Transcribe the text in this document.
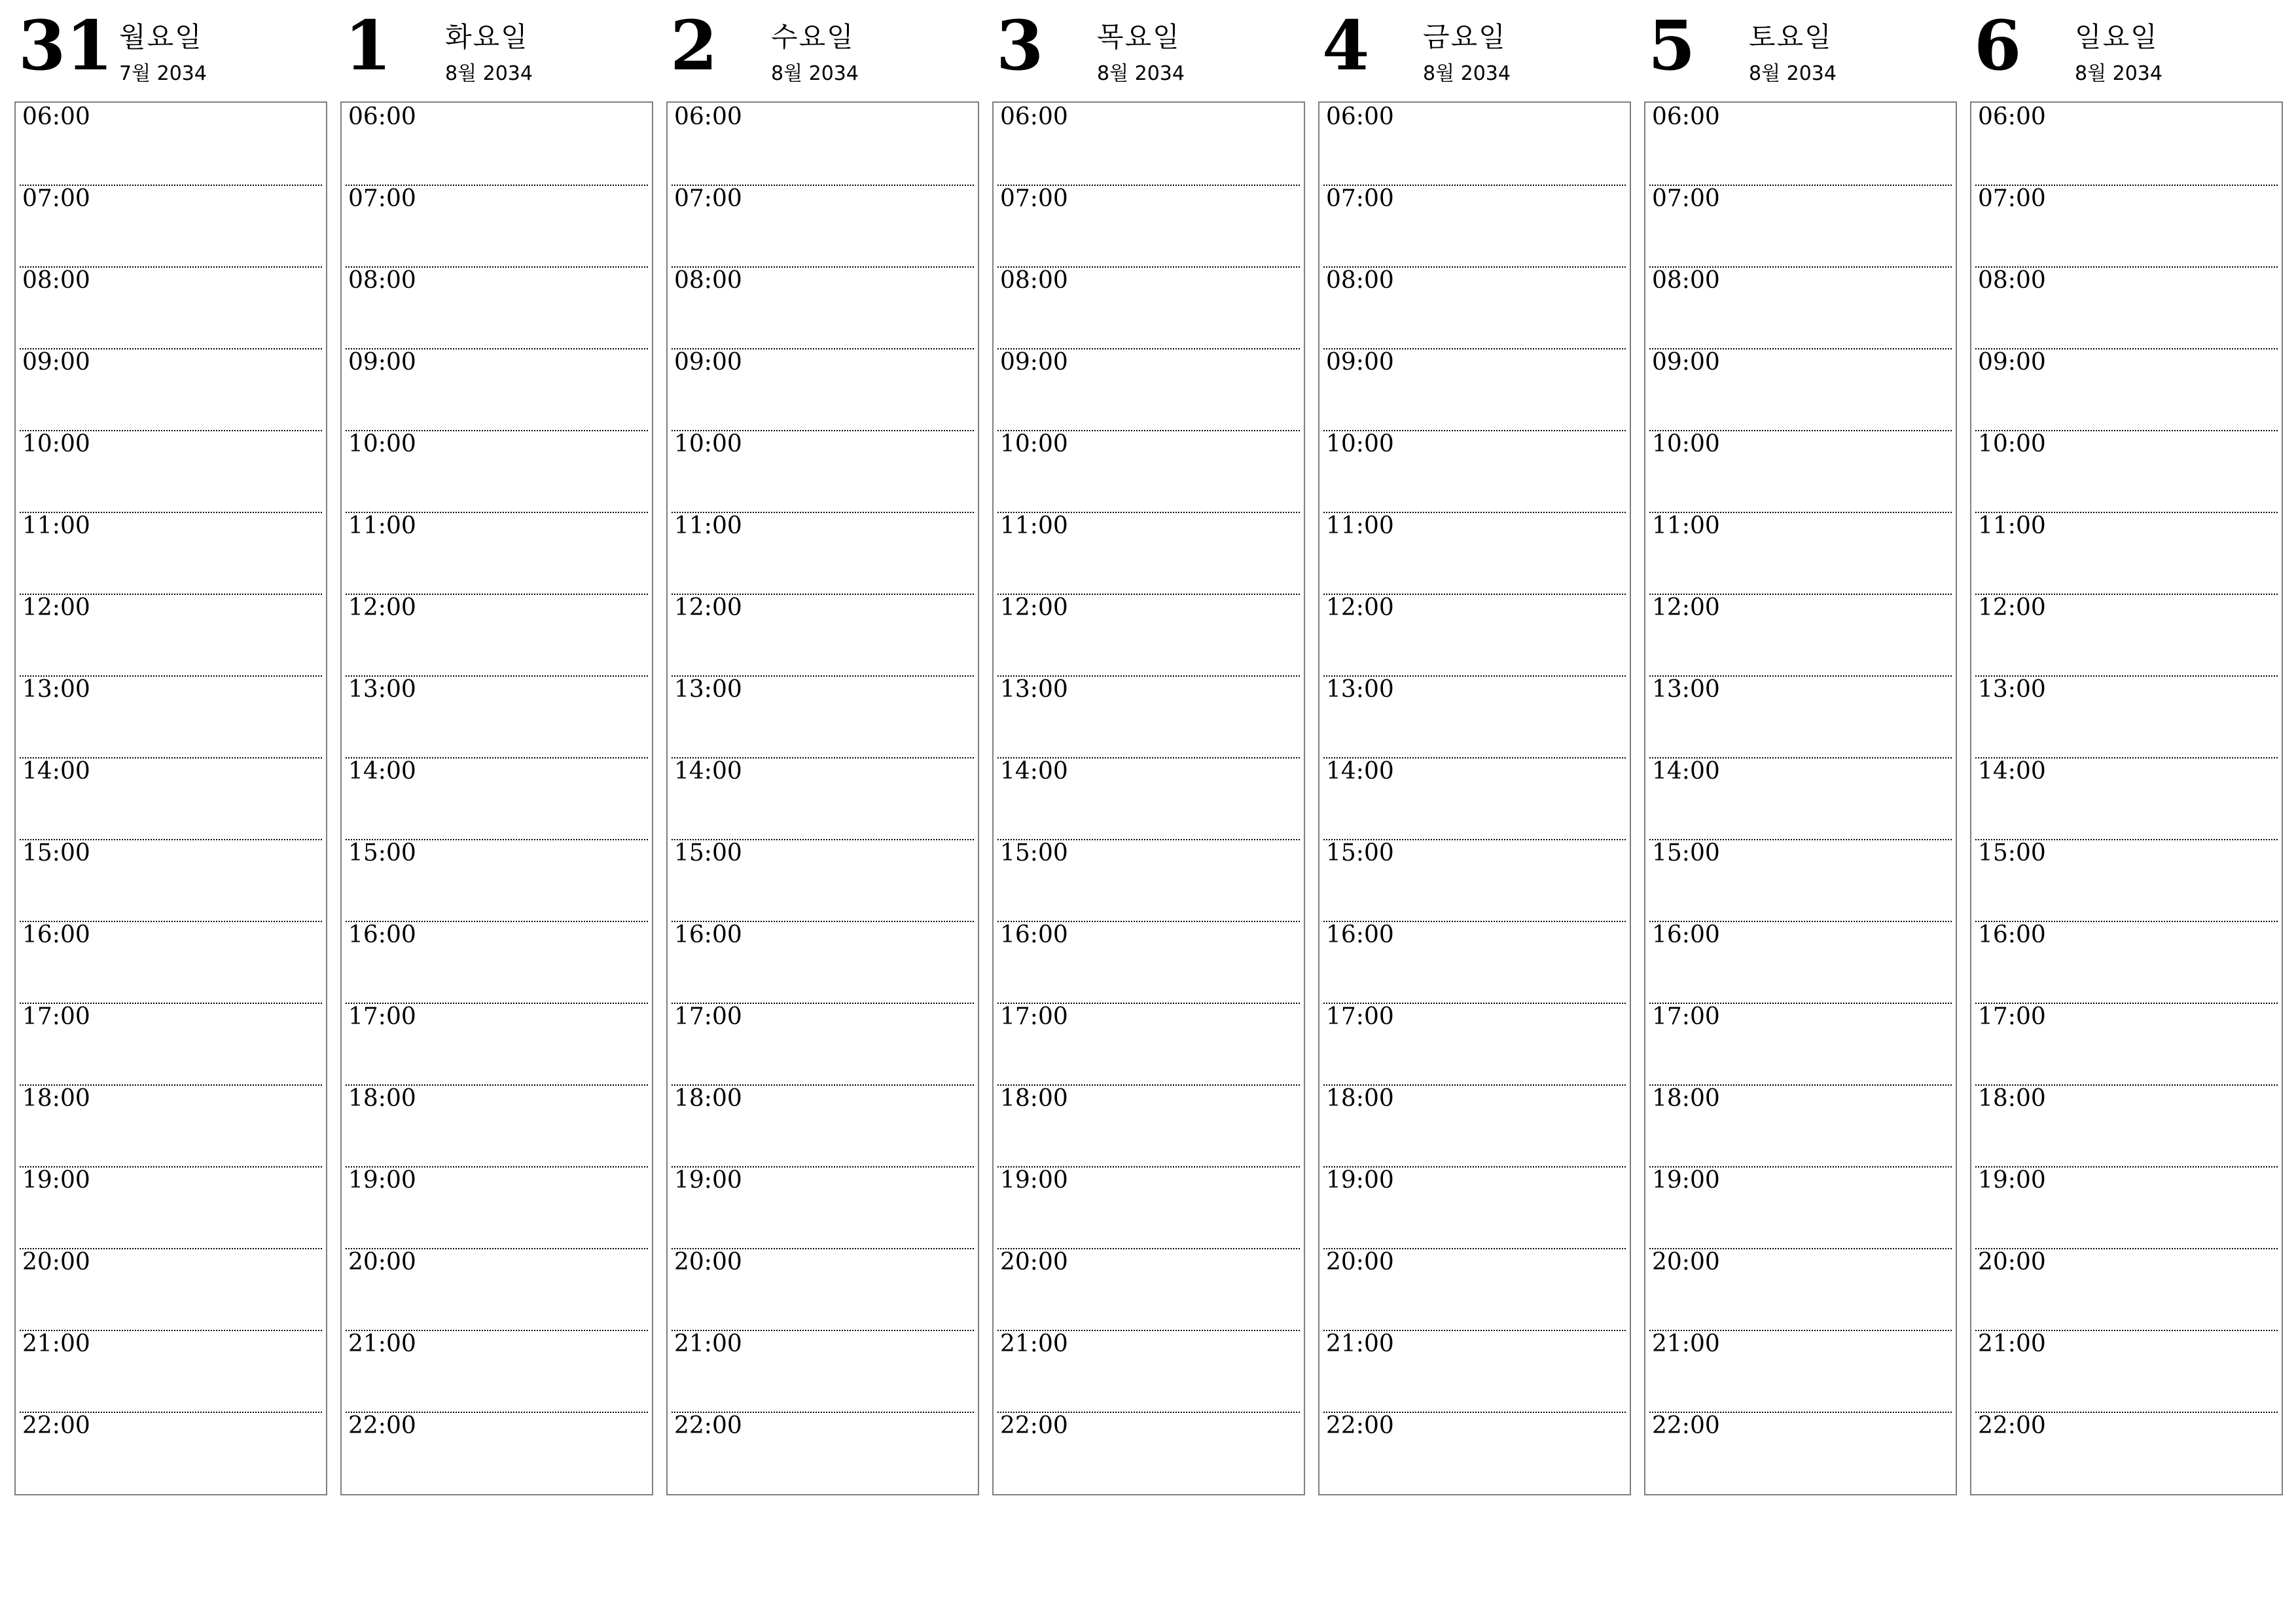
31 월요일
7월 2034
06:00
07:00
08:00
09:00
10:00
11:00
12:00
13:00
14:00
15:00
16:00
17:00
18:00
19:00
20:00
21:00
22:00
1 화요일
8월 2034
06:00
07:00
08:00
09:00
10:00
11:00
12:00
13:00
14:00
15:00
16:00
17:00
18:00
19:00
20:00
21:00
22:00
2 수요일
8월 2034
06:00
07:00
08:00
09:00
10:00
11:00
12:00
13:00
14:00
15:00
16:00
17:00
18:00
19:00
20:00
21:00
22:00
3 목요일
8월 2034
06:00
07:00
08:00
09:00
10:00
11:00
12:00
13:00
14:00
15:00
16:00
17:00
18:00
19:00
20:00
21:00
22:00
4 금요일
8월 2034
06:00
07:00
08:00
09:00
10:00
11:00
12:00
13:00
14:00
15:00
16:00
17:00
18:00
19:00
20:00
21:00
22:00
5 토요일
8월 2034
06:00
07:00
08:00
09:00
10:00
11:00
12:00
13:00
14:00
15:00
16:00
17:00
18:00
19:00
20:00
21:00
22:00
6 일요일
8월 2034
06:00
07:00
08:00
09:00
10:00
11:00
12:00
13:00
14:00
15:00
16:00
17:00
18:00
19:00
20:00
21:00
22:00
